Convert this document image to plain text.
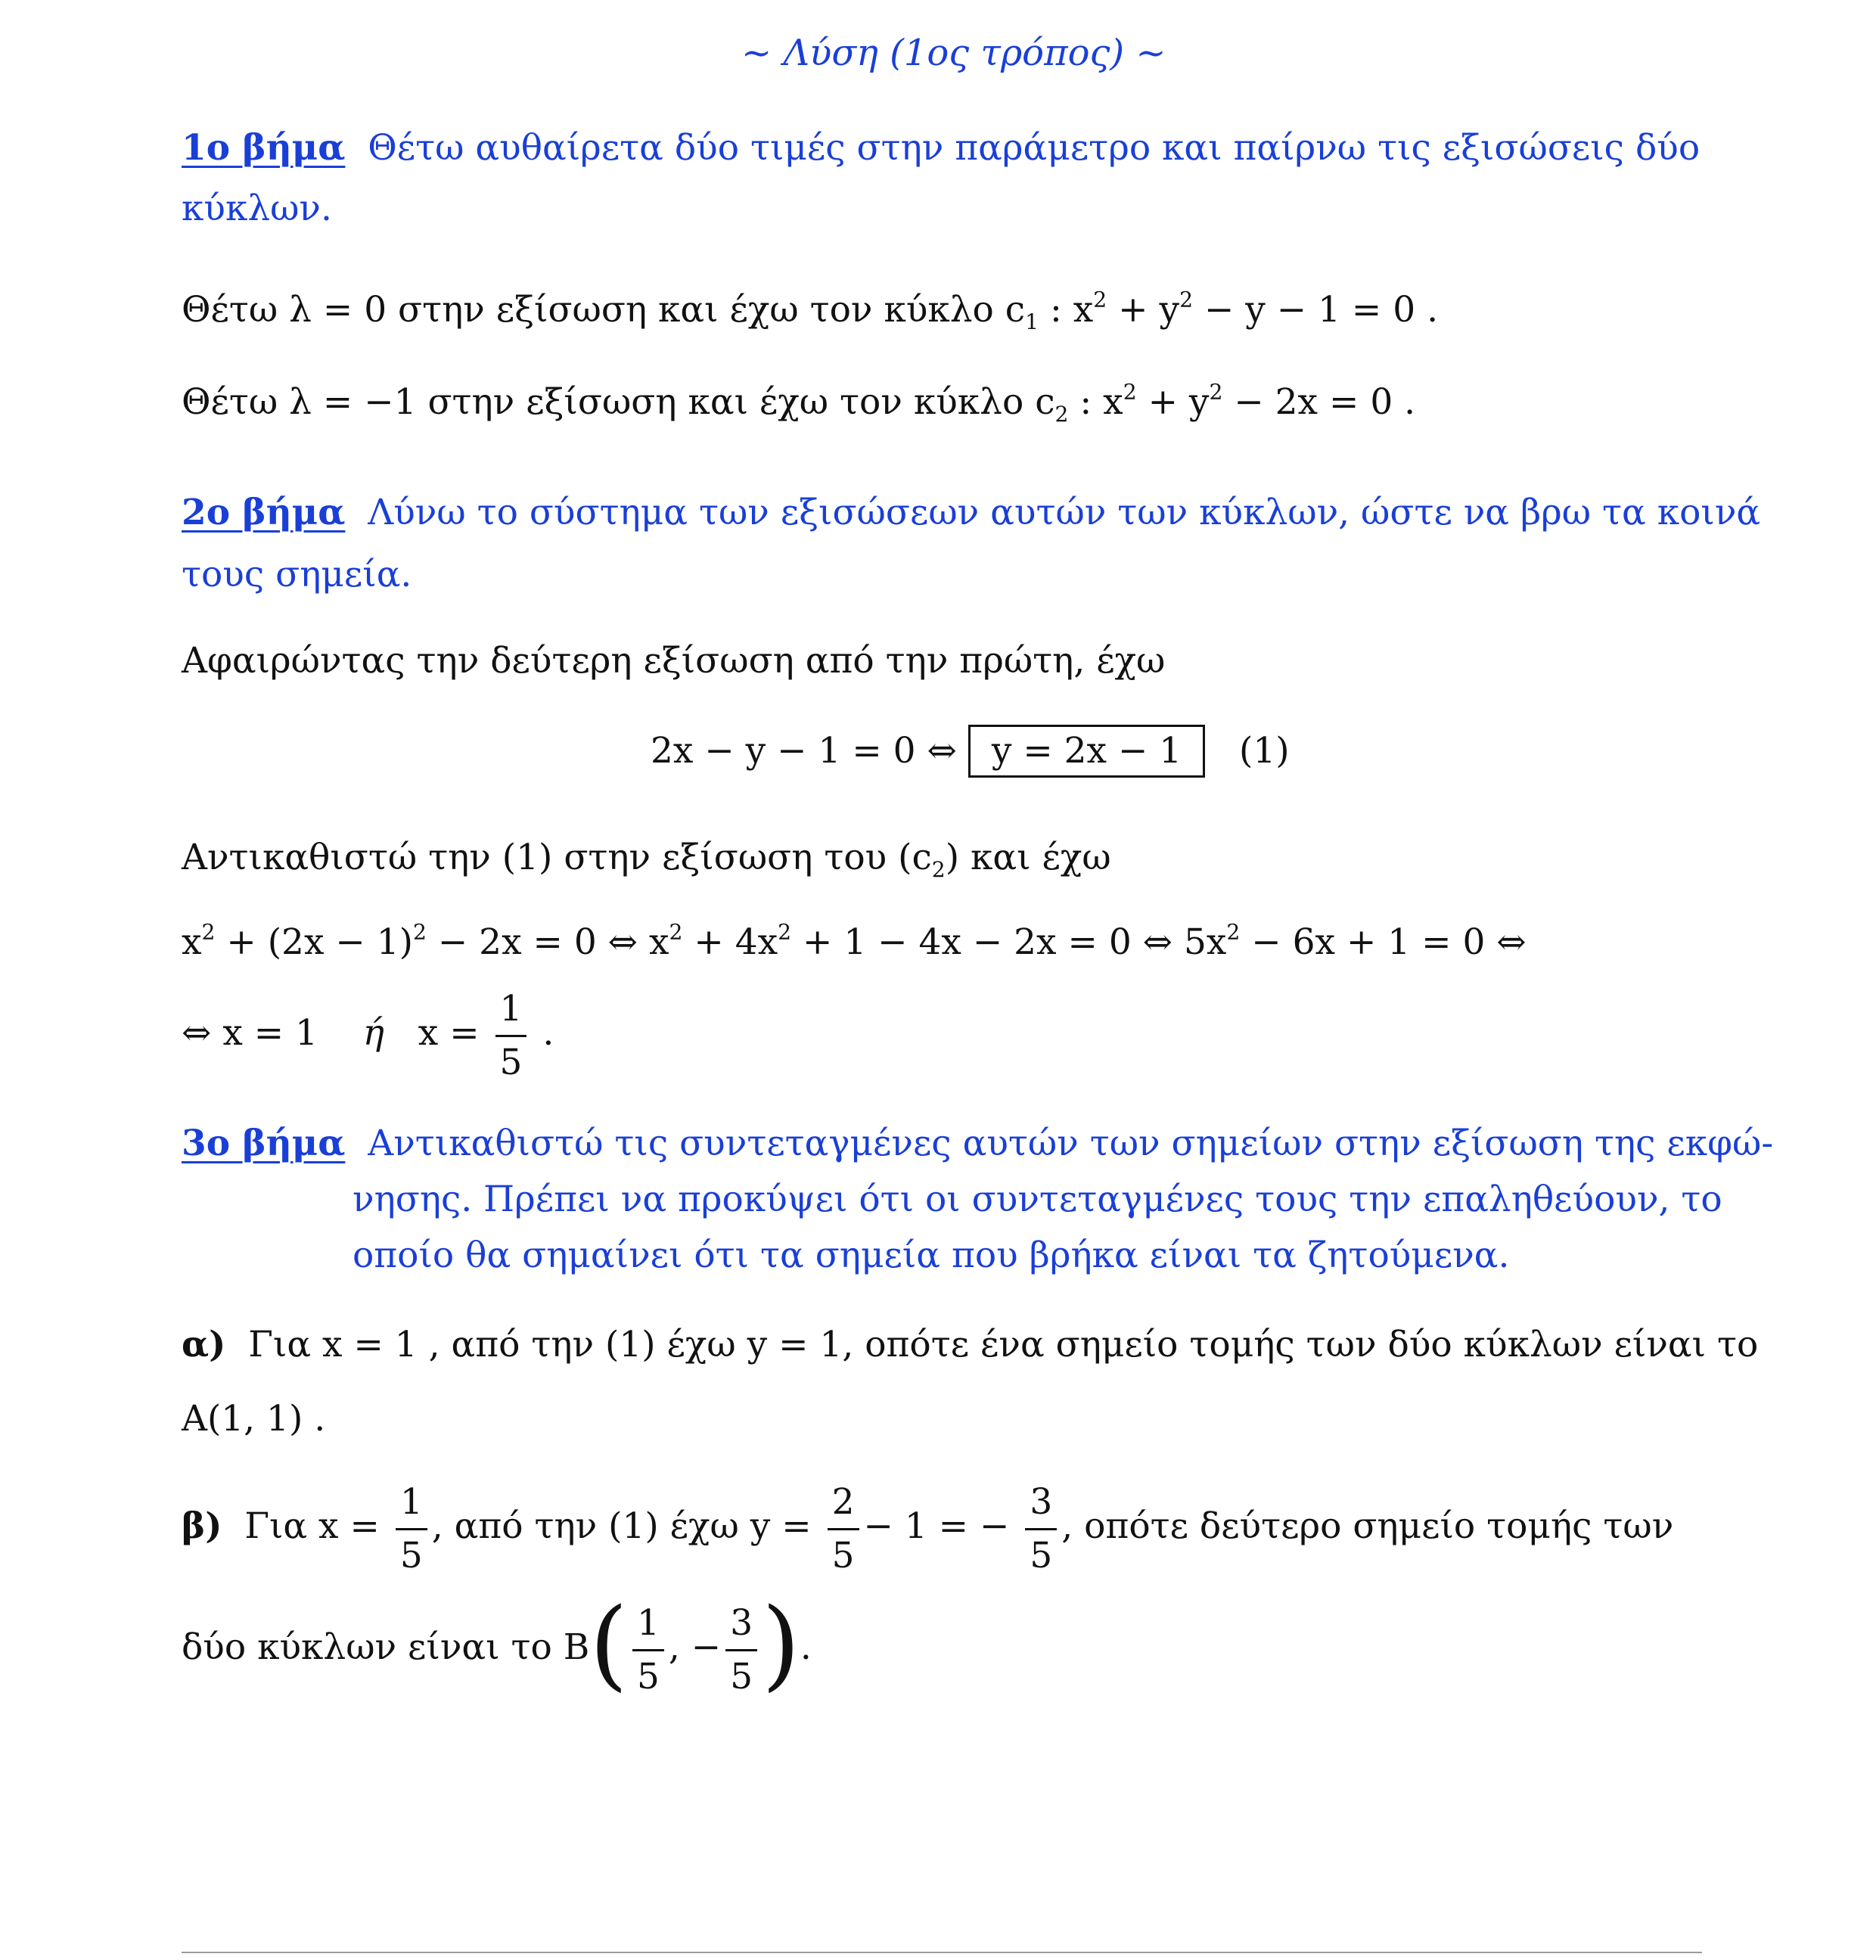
~ Λύση (1ος τρόπος) ~
1ο βήμα Θέτω αυθαίρετα δύο τιμές στην παράμετρο και παίρνω τις εξισώσεις δύο
κύκλων.
Θέτω λ = 0 στην εξίσωση και έχω τον κύκλο $c_1$ : $x^2 + y^2 - y - 1 = 0$ .
Θέτω λ = −1 στην εξίσωση και έχω τον κύκλο $c_2$ : $x^2 + y^2 - 2x = 0$ .
2ο βήμα Λύνω το σύστημα των εξισώσεων αυτών των κύκλων, ώστε να βρω τα κοινά
τους σημεία.
Αφαιρώντας την δεύτερη εξίσωση από την πρώτη, έχω
2x − y − 1 = 0 ⇔ y = 2x − 1 (1)
Αντικαθιστώ την (1) στην εξίσωση του $(c_2)$ και έχω
$x^2 + (2x - 1)^2 - 2x = 0$ ⇔ $x^2 + 4x^2 + 1 - 4x - 2x = 0$ ⇔ $5x^2 - 6x + 1 = 0$ ⇔
⇔ x = 1 ή $x = \frac{1}{5}$ .
3ο βήμα Αντικαθιστώ τις συντεταγμένες αυτών των σημείων στην εξίσωση της εκφώ-
νησης. Πρέπει να προκύψει ότι οι συντεταγμένες τους την επαληθεύουν, το
οποίο θα σημαίνει ότι τα σημεία που βρήκα είναι τα ζητούμενα.
α) Για x = 1 , από την (1) έχω y = 1, οπότε ένα σημείο τομής των δύο κύκλων είναι το
A(1, 1) .
β) Για $x = \frac{1}{5}$ , από την (1) έχω $y = \frac{2}{5} - 1$ = − $\frac{3}{5}$ , οπότε δεύτερο σημείο τομής των
δύο κύκλων είναι το $B( \frac{1}{5}$ , − $\frac{3}{5}$ ).
